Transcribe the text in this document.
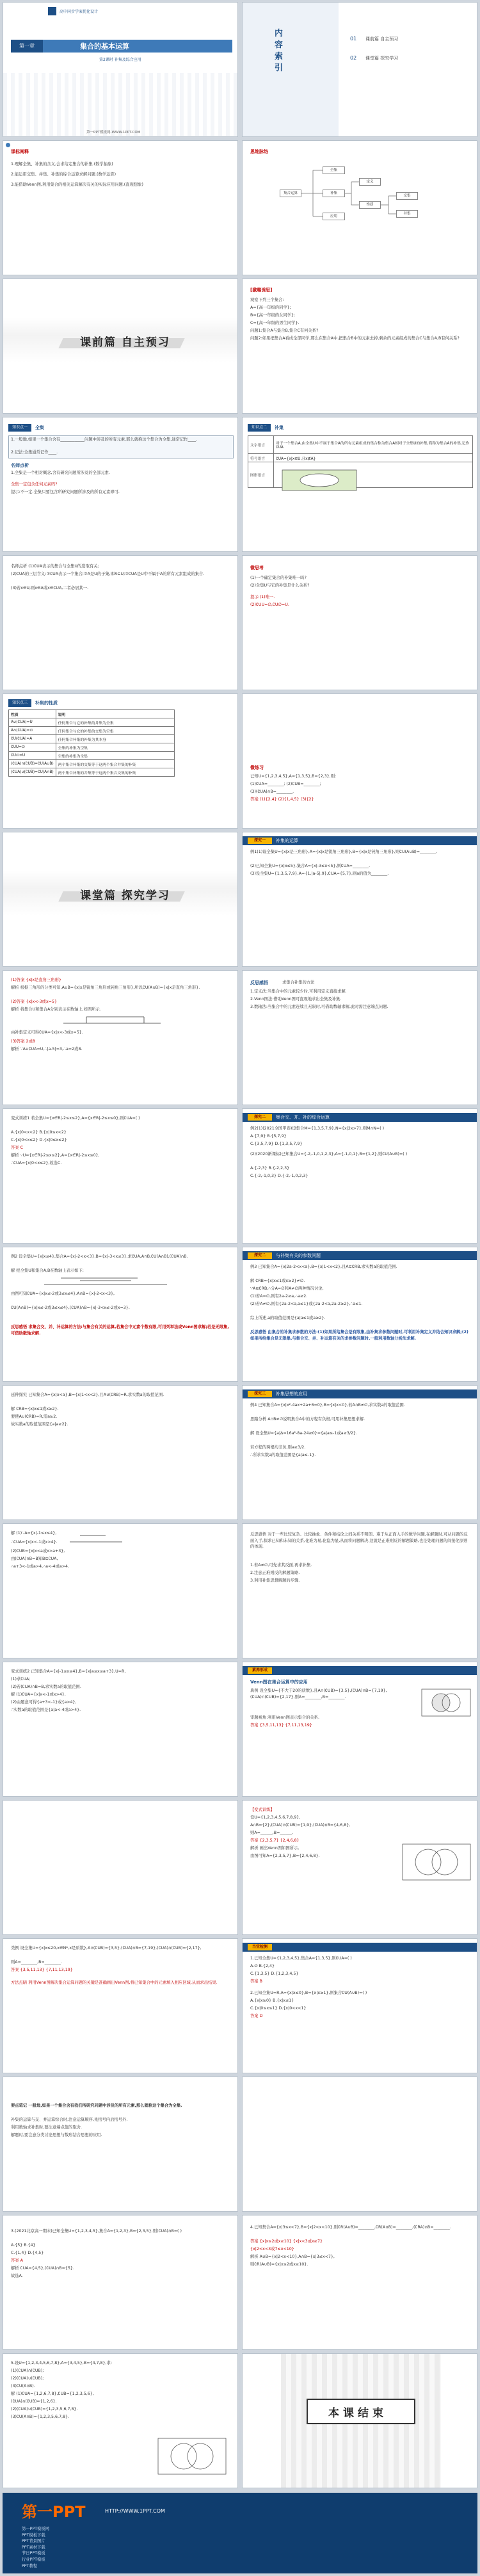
高中同步学案优化设计
第一章	集合的基本运算
第2课时 补集及综合应用
第一PPT模板网-WWW.1PPT.COM
内容索引
01 课前篇 自主预习
02 课堂篇 探究学习
课标阐释
1.理解全集、补集的含义,会求给定集合的补集.(数学抽象)
2.能运用交集、并集、补集的综合运算求解问题.(数学运算)
3.能借助Venn图,利用集合的相关运算解决有关的实际应用问题.(直观想象)
思维脉络
集合运算
全集
补集
应用
定义
性质
交集
并集
课前篇 自主预习
[激趣诱思]
观察下列三个集合:
A={高一年级的同学};
B={高一年级的女同学};
C={高一年级的男生同学}.
问题1:集合A与集合B,集合C有何关系?
问题2:如果把集合A看成全部同学,那么在集合A中,把集合B中的元素去掉,剩余的元素组成的集合C与集合A,B有何关系?
知识点一	全集
1.一般地,如果一个集合含有____________问题中涉及的所有元素,那么就称这个集合为全集,通常记作____.
2.记法:全集通常记作____.
名师点析
1.全集是一个相对概念,含有研究问题所涉及的全部元素.
全集一定包含任何元素吗?
提示:不一定.全集只要包含所研究问题所涉及的所有元素即可.
知识点二	补集
文字语言	对于一个集合A,由全集U中不属于集合A的所有元素组成的集合称为集合A相对于全集U的补集,简称为集合A的补集,记作∁UA
符号语言	∁UA={x|x∈U,且x∉A}
图形语言	
名师点析 (1)∁UA表示的集合与全集U的选取有关;
(2)∁UA的三层含义:①∁UA表示一个集合;②A是U的子集,即A⊆U;③∁UA是U中不属于A的所有元素组成的集合.
(3)若x∈U,则x∈A或x∈∁UA,二者必居其一.
微思考
(1)一个确定集合的补集唯一吗?
(2)全集U与它的补集是什么关系?
提示:(1)唯一.
(2)∁UU=∅,∁U∅=U.
知识点三	补集的性质
性质	说明
A∪(∁UA)=U	任何集合与它的补集的并集为全集
A∩(∁UA)=∅	任何集合与它的补集的交集为空集
∁U(∁UA)=A	任何集合补集的补集为其本身
∁UU=∅	全集的补集为空集
∁U∅=U	空集的补集为全集
(∁UA)∩(∁UB)=∁U(A∪B)	两个集合补集的交集等于这两个集合并集的补集
(∁UA)∪(∁UB)=∁U(A∩B)	两个集合补集的并集等于这两个集合交集的补集
微练习
已知U={1,2,3,4,5},A={1,3,5},B={2,3},则:
(1)∁UA=________; (2)∁UB=________;
(3)(∁UA)∩B=________.
答案:(1){2,4} (2){1,4,5} (3){2}
课堂篇 探究学习
探究一	补集的运算
例1(1)设全集U={x|x是三角形},A={x|x是锐角三角形},B={x|x是钝角三角形},则∁U(A∪B)=________.
(2)已知全集U={x|x≤5},集合A={x|-3≤x<5},则∁UA=________.
(3)设全集U={1,3,5,7,9},A={1,|a-5|,9},∁UA={5,7},则a的值为________.
(1)答案 {x|x是直角三角形}
解析 根据三角形的分类可知,A∪B={x|x是锐角三角形或钝角三角形},所以∁U(A∪B)={x|x是直角三角形}.
(2)答案 {x|x<-3或x=5}
解析 将集合U和集合A分别表示在数轴上,如图所示.
由补集定义可得∁UA={x|x<-3或x=5}.
(3)答案 2或8
解析 ∵A∪∁UA=U,∴|a-5|=3,∴a=2或8.
反思感悟	求集合补集的方法
1.定义法:当集合中的元素较少时,可利用定义直接求解.
2.Venn图法:借助Venn图可直观地求出全集及补集.
3.数轴法:当集合中的元素连续且无限时,可借助数轴求解,此时需注意端点问题.
变式训练1 若全集U={x∈R|-2≤x≤2},A={x∈R|-2≤x≤0},则∁UA=( )
A.{x|0<x<2} B.{x|0≤x<2}
C.{x|0<x≤2} D.{x|0≤x≤2}
答案 C
解析 ∵U={x∈R|-2≤x≤2},A={x∈R|-2≤x≤0},
∴∁UA={x|0<x≤2},故选C.
探究二	集合交、并、补的综合运算
例2(1)(2021全国甲卷)设集合M={1,3,5,7,9},N={x|2x>7},则M∩N=( )
A.{7,9} B.{5,7,9}
C.{3,5,7,9} D.{1,3,5,7,9}
(2)(2020新课标)已知集合U={-2,-1,0,1,2,3},A={-1,0,1},B={1,2},则∁U(A∪B)=( )
A.{-2,3} B.{-2,2,3}
C.{-2,-1,0,3} D.{-2,-1,0,2,3}
例2 设全集U={x|x≤4},集合A={x|-2<x<3},B={x|-3<x≤3},求∁UA,A∩B,∁U(A∩B),(∁UA)∩B.
解 把全集U和集合A,B在数轴上表示如下:
由图可知∁UA={x|x≤-2或3≤x≤4},A∩B={x|-2<x<3},
∁U(A∩B)={x|x≤-2或3≤x≤4},(∁UA)∩B={x|-3<x≤-2或x=3}.
反思感悟 求集合交、并、补运算的方法:与集合有关的运算,若集合中元素个数有限,可用列举法或Venn图求解;若是无限集,可借助数轴求解.
探究二	与补集有关的参数问题
例3 已知集合A={x|2a-2<x<a},B={x|1<x<2},且A⊆∁RB,求实数a的取值范围.
解 ∁RB={x|x≤1或x≥2}≠∅.
∵A⊆∁RB,∴分A=∅和A≠∅两种情况讨论.
(1)若A=∅,则有2a-2≥a,∴a≥2.
(2)若A≠∅,则有{2a-2<a,a≤1}或{2a-2<a,2a-2≥2},∴a≤1.
综上所述,a的取值范围是{a|a≤1或a≥2}.
反思感悟 由集合的补集求参数的方法:(1)如果所给集合是有限集,由补集求参数问题时,可利用补集定义并结合知识求解;(2)如果所给集合是无限集,与集合交、并、补运算有关的求参数问题时,一般利用数轴分析法求解.
延伸探究 已知集合A={x|x<a},B={x|1<x<2},且A∪(∁RB)=R,求实数a的取值范围.
解 ∁RB={x|x≤1或x≥2}.
要使A∪(∁RB)=R,需a≥2.
故实数a的取值范围是{a|a≥2}.
探究三	补集思想的应用
例4 已知集合A={x|x²-4ax+2a+6=0},B={x|x<0},若A∩B≠∅,求实数a的取值范围.
思路分析 A∩B≠∅说明集合A中的方程有负根,可用补集思想求解.
解 设全集U={a|Δ=16a²-8a-24≥0}={a|a≤-1或a≥3/2}.
若方程的两根均非负,则a≥3/2.
∴所求实数a的取值范围是{a|a≤-1}.
解 (1)∵A={x|-1≤x≤4},
∴∁UA={x|x<-1或x>4}.
(2)∁UB={x|x<a或x>a+3},
由(∁UA)∩B=B知B⊆∁UA,
∴a+3<-1或a>4,∴a<-4或a>4.
反思感悟 对于一些比较复杂、比较抽象、条件和结论之间关系不明朗、难于从正面入手的数学问题,在解题时,可从问题的反面入手,探求已知和未知的关系,化难为易,化隐为显,从而将问题解决.这就是正难则反的解题策略,也是处理问题的间接化原则的体现.
1.若A≠∅,可先求其反面,再求补集.
2.注意正难则反的解题策略.
3.利用补集思想解题的步骤.
变式训练2 已知集合A={x|-1≤x≤4},B={x|a≤x≤a+3},U=R,
(1)求∁UA;
(2)若(∁UA)∩B=B,求实数a的取值范围.
解 (1)∁UA={x|x<-1或x>4}.
(2)由题意可得{a+3<-1}或{a>4},
∴实数a的取值范围是{a|a<-4或a>4}.
素养形成
Venn图在集合运算中的应用
典例 设全集U={不大于20的质数},且A∩(∁UB)={3,5},(∁UA)∩B={7,19},(∁UA)∩(∁UB)={2,17},则A=________,B=________.
审题视角:利用Venn图表示集合的关系.
答案 {3,5,11,13} {7,11,13,19}
【变式训练】
设U={1,2,3,4,5,6,7,8,9},
A∩B={2},(∁UA)∩(∁UB)={1,9},(∁UA)∩B={4,6,8},
则A=______,B=______.
答案 {2,3,5,7} {2,4,6,8}
解析 画出Venn图如图所示,
由图可知A={2,3,5,7},B={2,4,6,8}.
类例 设全集U={x|x≤20,x∈N*,x是质数},A∩(∁UB)={3,5},(∁UA)∩B={7,19},(∁UA)∩(∁UB)={2,17},
则A=________,B=________.
答案 {3,5,11,13} {7,11,13,19}
方法点睛 利用Venn图解决集合运算问题的关键是准确画出Venn图,将已知集合中的元素填入相应区域,从而求出结果.
当堂检测
1.已知全集U={1,2,3,4,5},集合A={1,3,5},则∁UA=( )
A.∅ B.{2,4}
C.{1,3,5} D.{1,2,3,4,5}
答案 B
2.已知全集U=R,A={x|x≤0},B={x|x≥1},则集合∁U(A∪B)=( )
A.{x|x≥0} B.{x|x≤1}
C.{x|0≤x≤1} D.{x|0<x<1}
答案 D
要点笔记 一般地,如果一个集合含有我们所研究问题中涉及的所有元素,那么就称这个集合为全集.
补集的运算与交、并运算综合时,注意运算顺序,先括号内后括号外.
利用数轴求补集时,要注意端点值的取舍.
解题时,要注意分类讨论思想与数形结合思想的应用.
3.(2021北京高一期末)已知全集U={1,2,3,4,5},集合A={1,2,3},B={2,3,5},则(∁UA)∩B=( )
A.{5} B.{4}
C.{1,4} D.{4,5}
答案 A
解析 ∁UA={4,5},(∁UA)∩B={5}.
故选A.
4.已知集合A={x|3≤x<7},B={x|2<x<10},则∁R(A∪B)=________,∁R(A∩B)=________,(∁RA)∩B=________.
答案 {x|x≤2或x≥10} {x|x<3或x≥7}
{x|2<x<3或7≤x<10}
解析 A∪B={x|2<x<10},A∩B={x|3≤x<7},
则∁R(A∪B)={x|x≤2或x≥10}.
5.设U={1,2,3,4,5,6,7,8},A={3,4,5},B={4,7,8},求:
(1)(∁UA)∩(∁UB);
(2)(∁UA)∪(∁UB);
(3)∁U(A∩B).
解 (1)∁UA={1,2,6,7,8},∁UB={1,2,3,5,6},
(∁UA)∩(∁UB)={1,2,6}.
(2)(∁UA)∪(∁UB)={1,2,3,5,6,7,8}.
(3)∁U(A∩B)={1,2,3,5,6,7,8}.	本课结束
第一PPT	HTTP://WWW.1PPT.COM
第一PPT模板网
PPT模板下载
PPT背景图片
PPT素材下载
节日PPT模板
行业PPT模板
PPT教程
